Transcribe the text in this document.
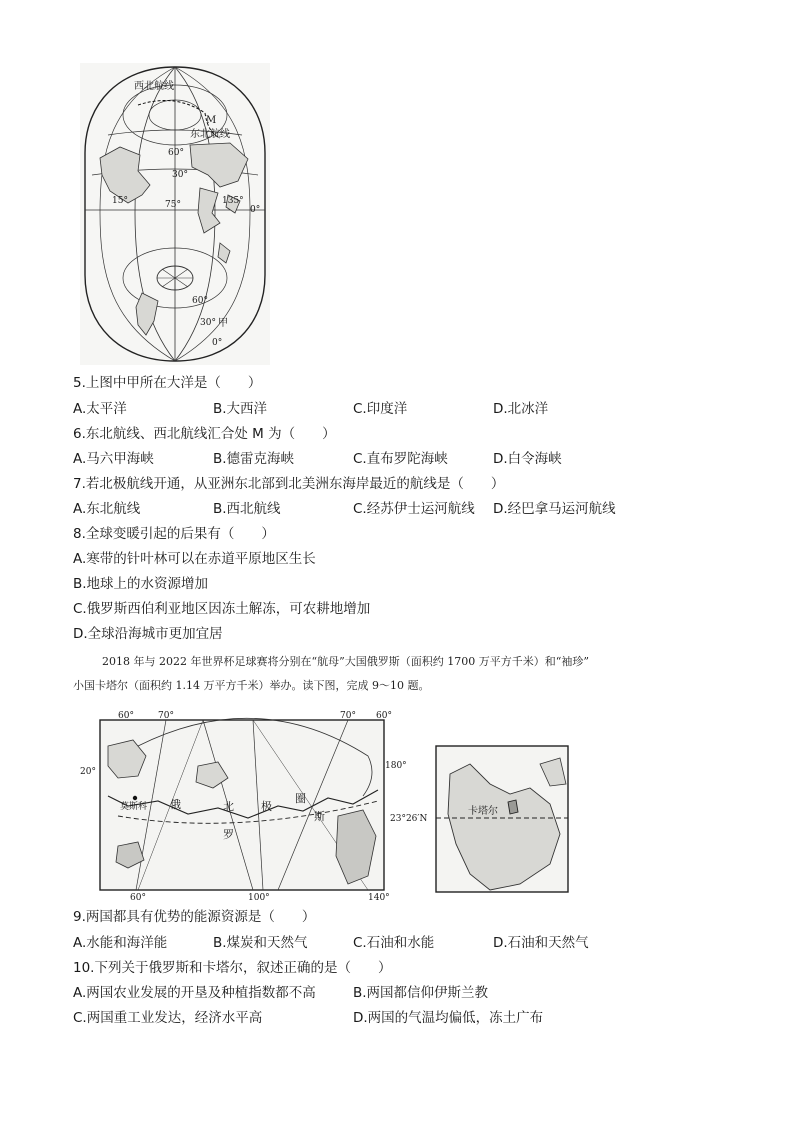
西北航线
东北航线
M
60°
30°
15°	75°	135°
0°
60°
30° 甲
0°
5.上图中甲所在大洋是（　　）
A.太平洋	B.大西洋	C.印度洋	D.北冰洋
6.东北航线、西北航线汇合处 M 为（　　）
A.马六甲海峡	B.德雷克海峡	C.直布罗陀海峡	D.白令海峡
7.若北极航线开通，从亚洲东北部到北美洲东海岸最近的航线是（　　）
A.东北航线	B.西北航线	C.经苏伊士运河航线 D.经巴拿马运河航线
8.全球变暖引起的后果有（　　）
A.寒带的针叶林可以在赤道平原地区生长
B.地球上的水资源增加
C.俄罗斯西伯利亚地区因冻土解冻，可农耕地增加
D.全球沿海城市更加宜居
2018 年与 2022 年世界杯足球赛将分别在“航母”大国俄罗斯（面积约 1700 万平方千米）和“袖珍”
小国卡塔尔（面积约 1.14 万平方千米）举办。读下图，完成 9～10 题。
60°	70°	70° 60°
20°
180°
60°	100°	140°
莫斯科 俄	北
罗
极
圈
斯	23°26′N
卡塔尔
9.两国都具有优势的能源资源是（　　）
A.水能和海洋能	B.煤炭和天然气	C.石油和水能	D.石油和天然气
10.下列关于俄罗斯和卡塔尔，叙述正确的是（　　）
A.两国农业发展的开垦及种植指数都不高	B.两国都信仰伊斯兰教
C.两国重工业发达，经济水平高	D.两国的气温均偏低，冻土广布
